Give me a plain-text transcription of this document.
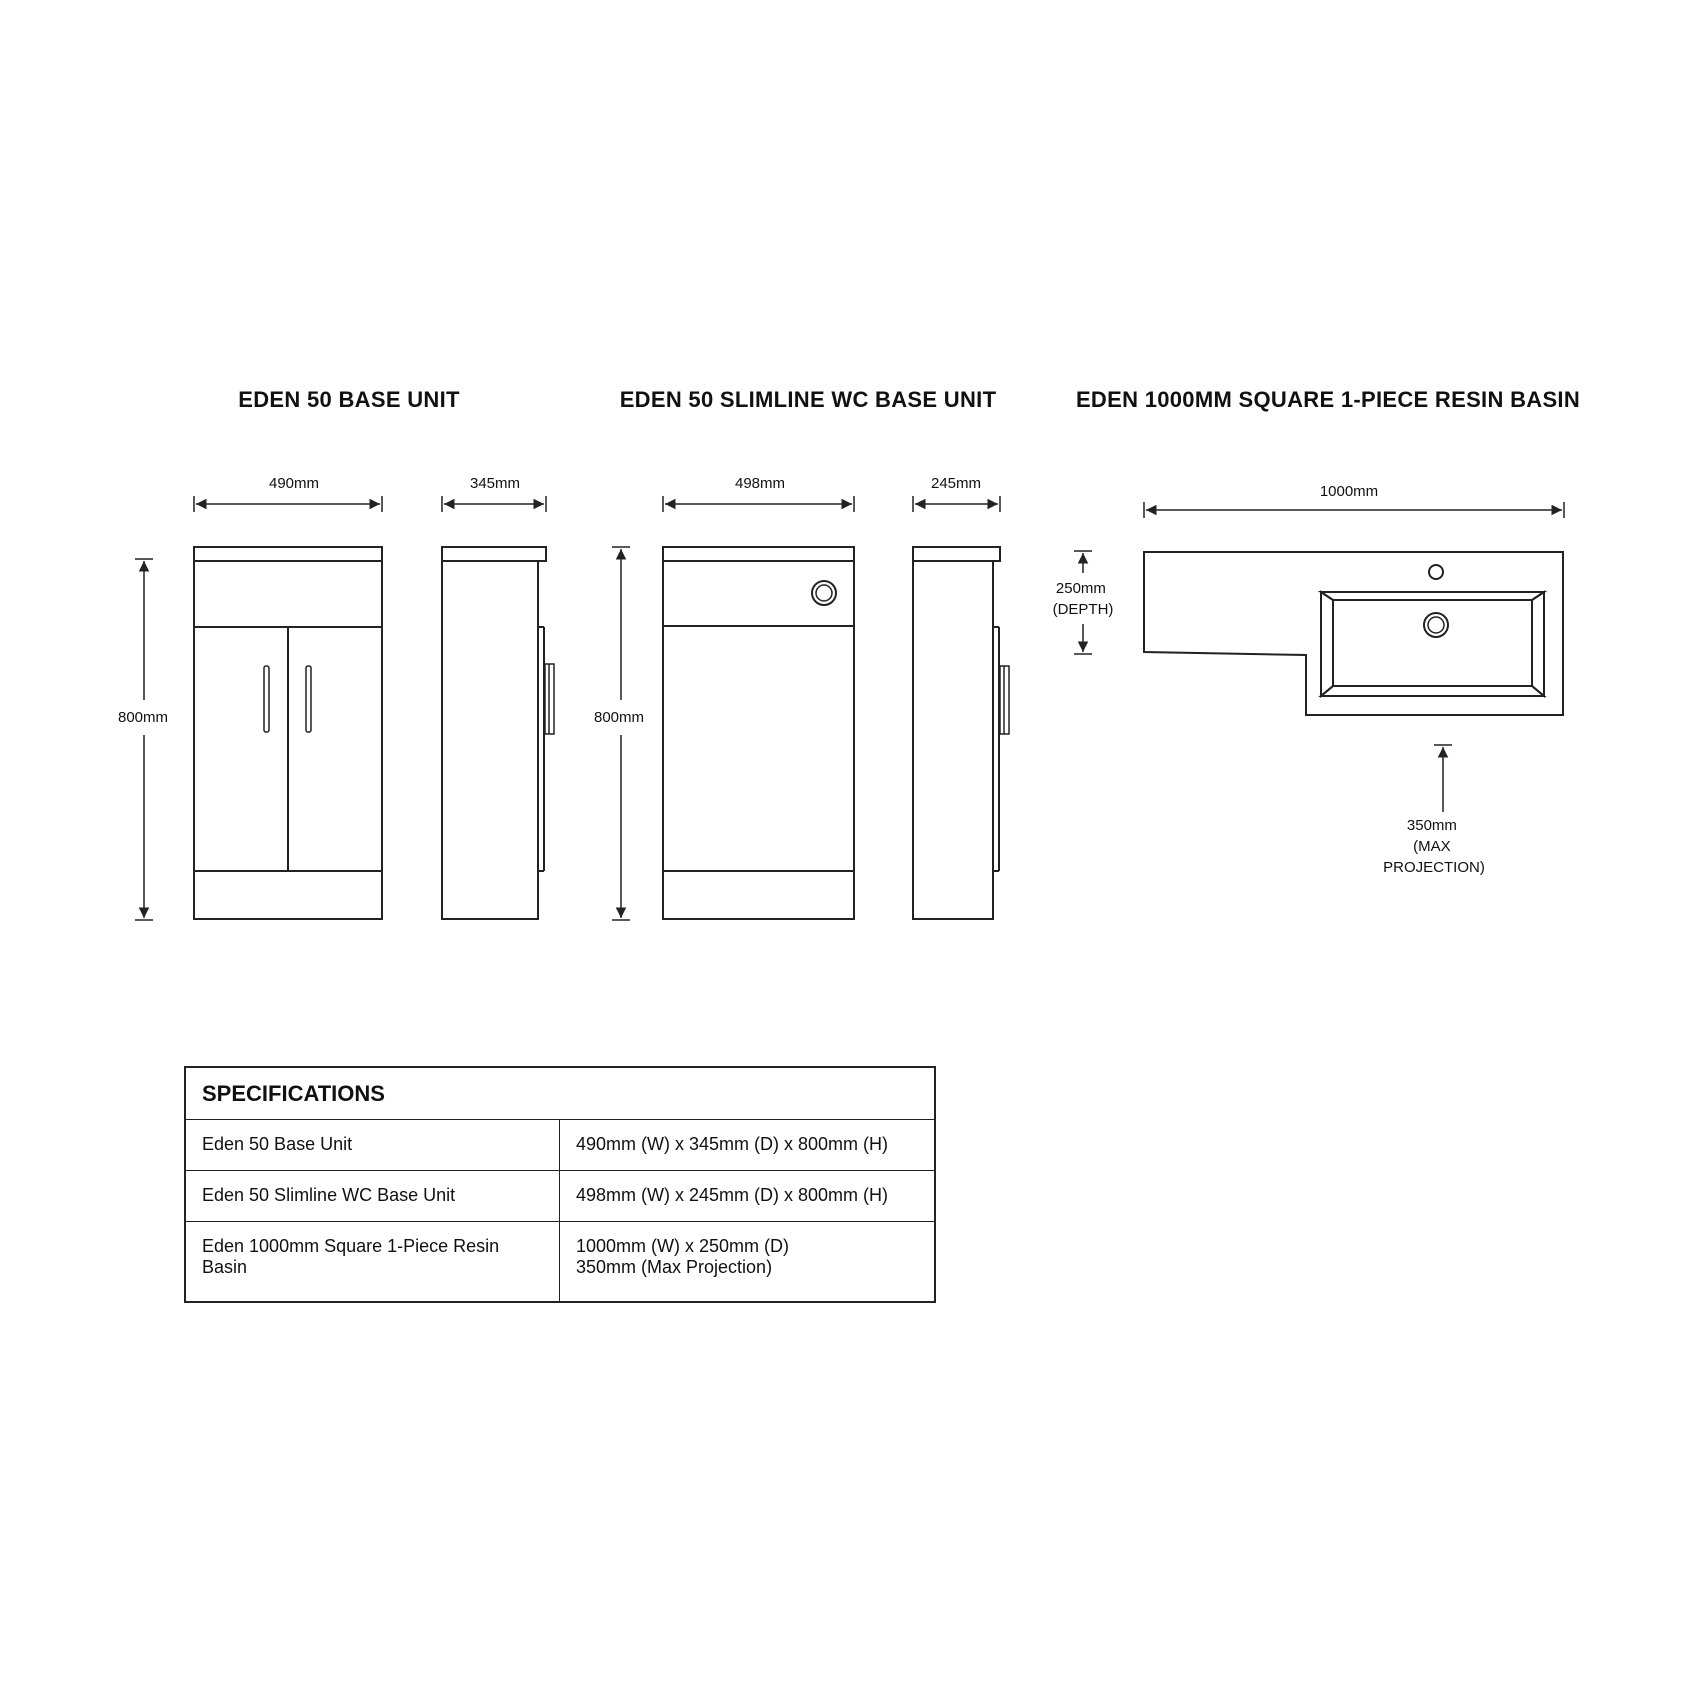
EDEN 50 BASE UNIT	EDEN 50 SLIMLINE WC BASE UNIT	EDEN 1000MM SQUARE 1-PIECE RESIN BASIN
490mm
800mm
345mm	498mm
800mm
245mm	1000mm
250mm (DEPTH)
350mm (MAX PROJECTION)
SPECIFICATIONS	
Eden 50 Base Unit	490mm (W) x 345mm (D) x 800mm (H)

Eden 50 Slimline WC Base Unit	498mm (W) x 245mm (D) x 800mm (H)

Eden 1000mm Square 1-Piece Resin Basin	1000mm (W) x 250mm (D)
350mm (Max Projection)
